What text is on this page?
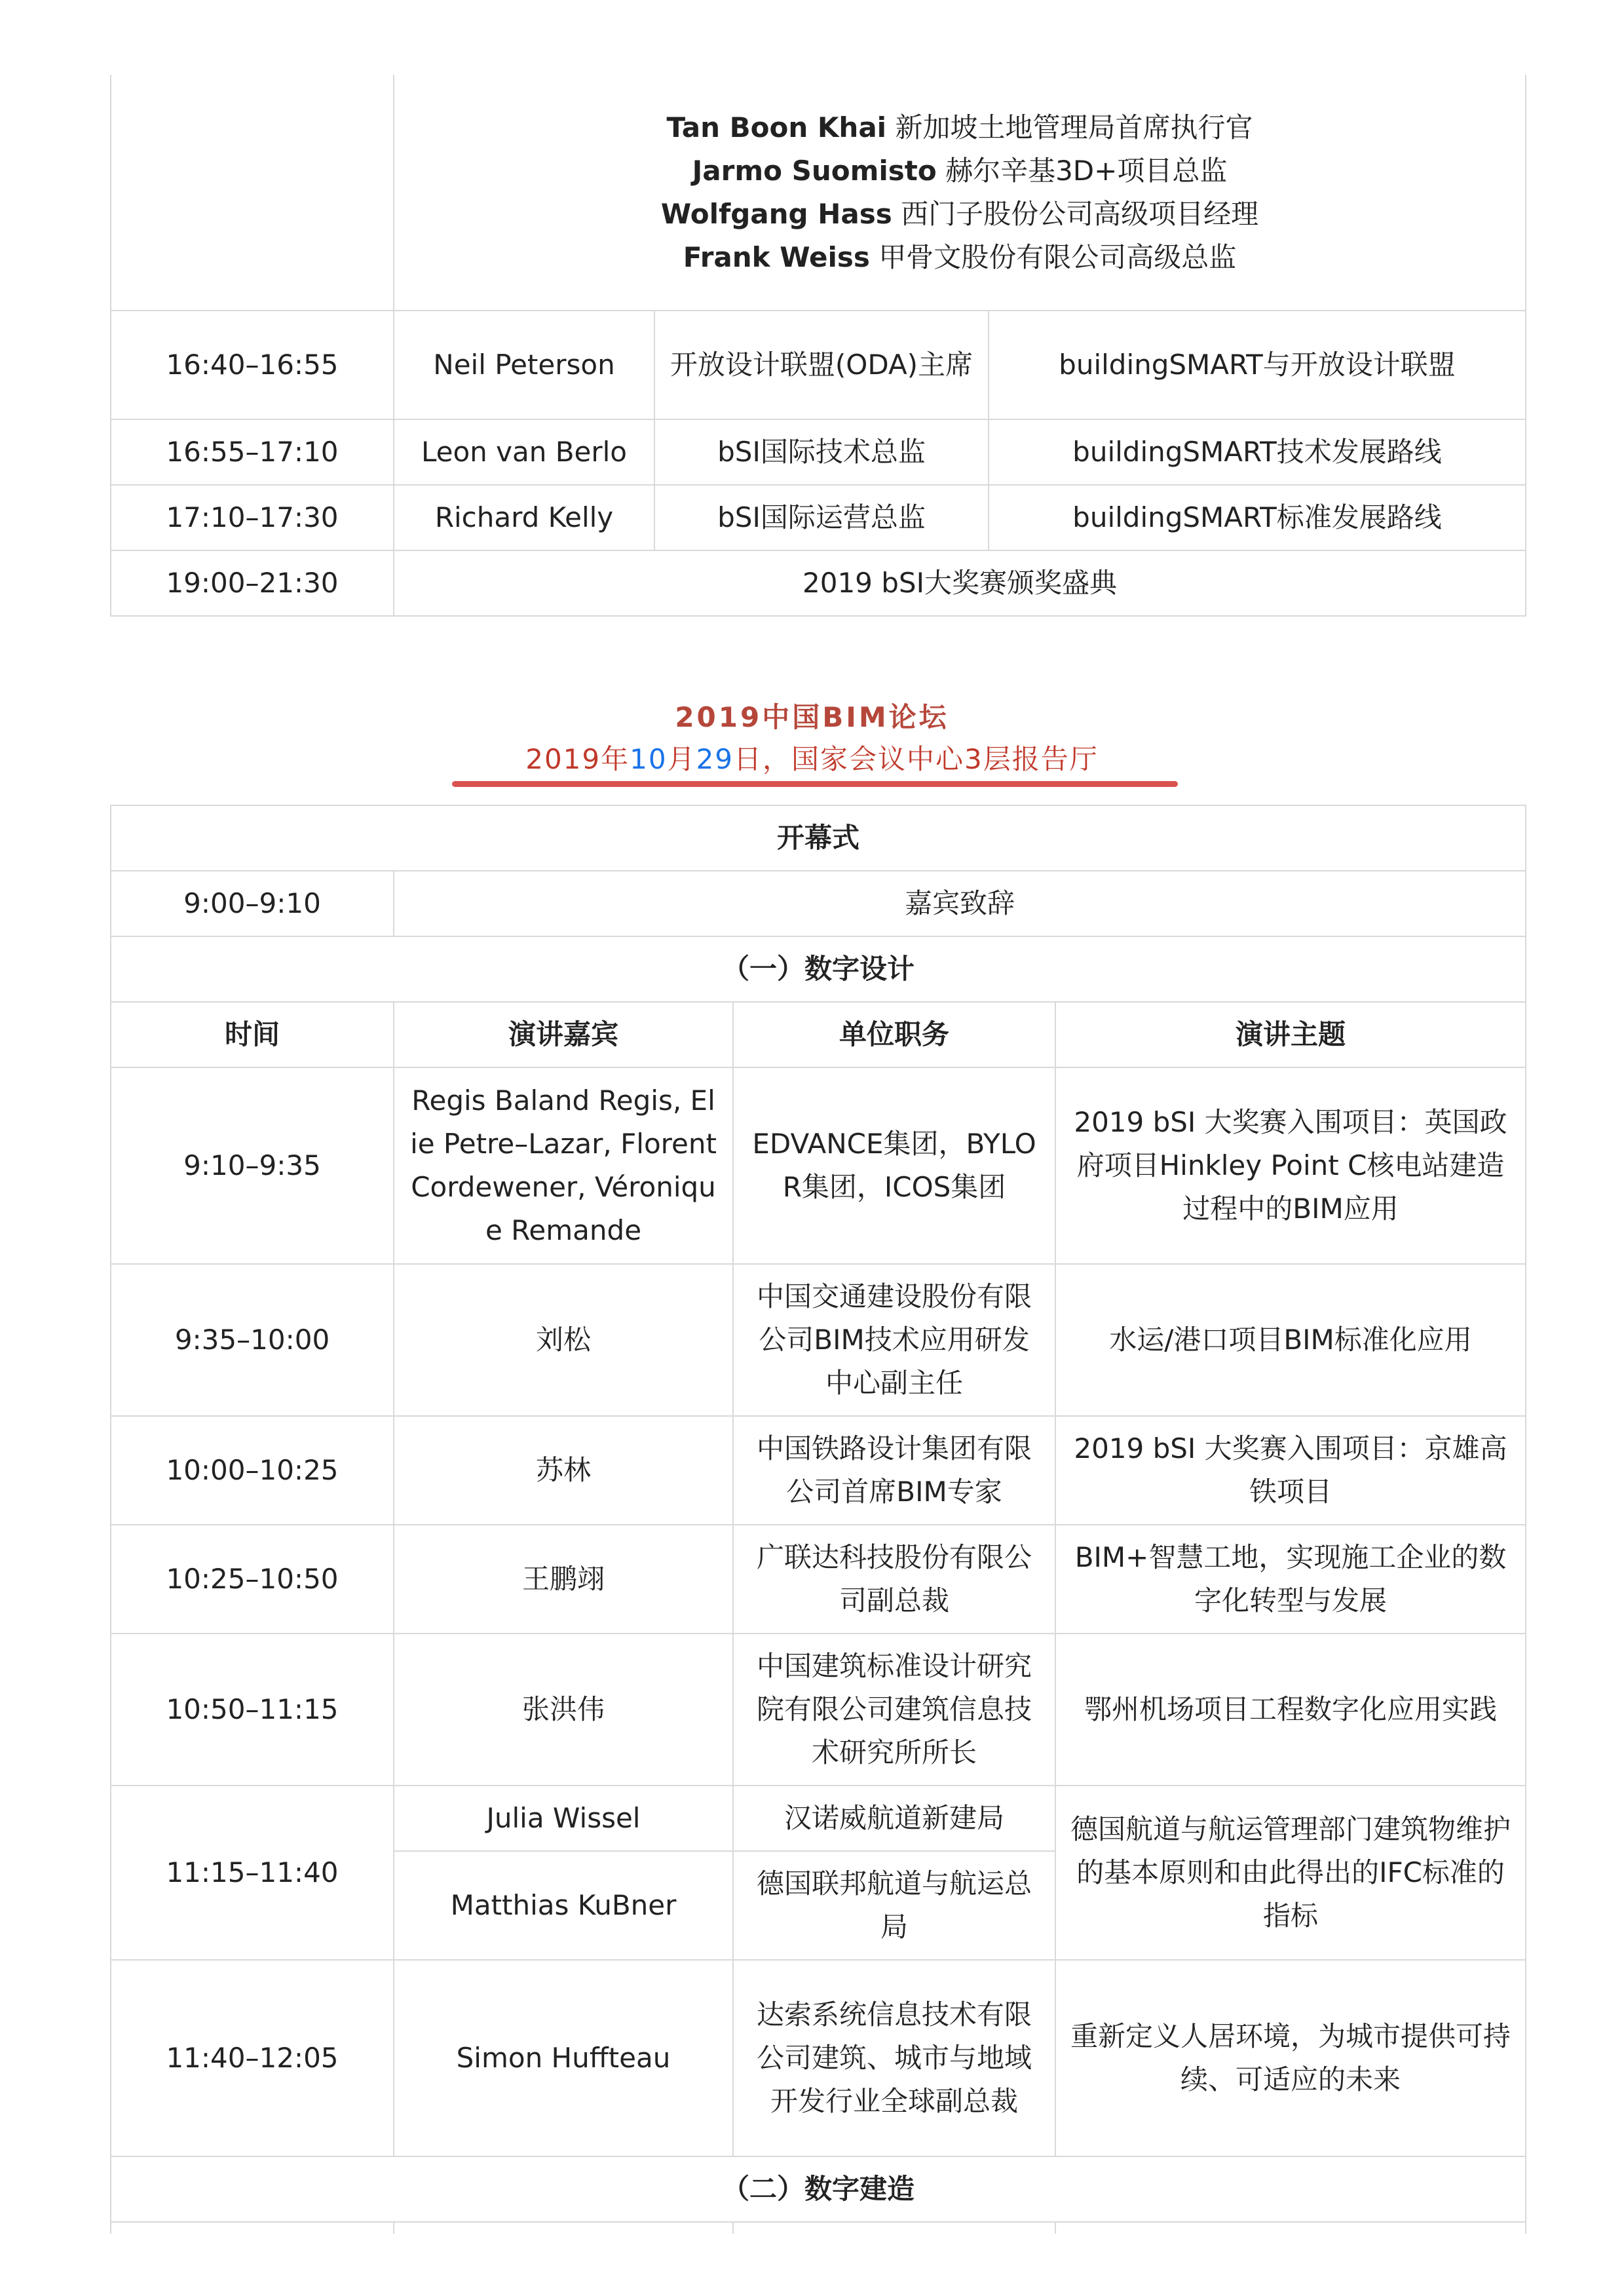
	Tan Boon Khai 新加坡土地管理局首席执行官
Jarmo Suomisto 赫尔辛基3D+项目总监
Wolfgang Hass 西门子股份公司高级项目经理
Frank Weiss 甲骨文股份有限公司高级总监		

16:40–16:55	Neil Peterson	开放设计联盟(ODA)主席	buildingSMART与开放设计联盟
16:55–17:10	Leon van Berlo	bSI国际技术总监	buildingSMART技术发展路线
17:10–17:30	Richard Kelly	bSI国际运营总监	buildingSMART标准发展路线
19:00–21:30	2019 bSI大奖赛颁奖盛典		
2019中国BIM论坛
2019年10月29日，国家会议中心3层报告厅
开幕式			
9:00–9:10	嘉宾致辞		
（一）数字设计			
时间	演讲嘉宾	单位职务	演讲主题
9:10–9:35	Regis Baland Regis, Elie Petre–Lazar, Florent Cordewener, Véronique Remande	EDVANCE集团，BYLOR集团，ICOS集团	2019 bSI 大奖赛入围项目：英国政府项目Hinkley Point C核电站建造过程中的BIM应用
9:35–10:00	刘松	中国交通建设股份有限公司BIM技术应用研发中心副主任	水运/港口项目BIM标准化应用
10:00–10:25	苏林	中国铁路设计集团有限公司首席BIM专家	2019 bSI 大奖赛入围项目：京雄高铁项目
10:25–10:50	王鹏翊	广联达科技股份有限公司副总裁	BIM+智慧工地，实现施工企业的数字化转型与发展
10:50–11:15	张洪伟	中国建筑标准设计研究院有限公司建筑信息技术研究所所长	鄂州机场项目工程数字化应用实践
11:15–11:40	Julia Wissel	汉诺威航道新建局	德国航道与航运管理部门建筑物维护的基本原则和由此得出的IFC标准的指标
	Matthias KuBner	德国联邦航道与航运总局	
11:40–12:05	Simon Huffteau	达索系统信息技术有限公司建筑、城市与地域开发行业全球副总裁	重新定义人居环境，为城市提供可持续、可适应的未来
（二）数字建造			
